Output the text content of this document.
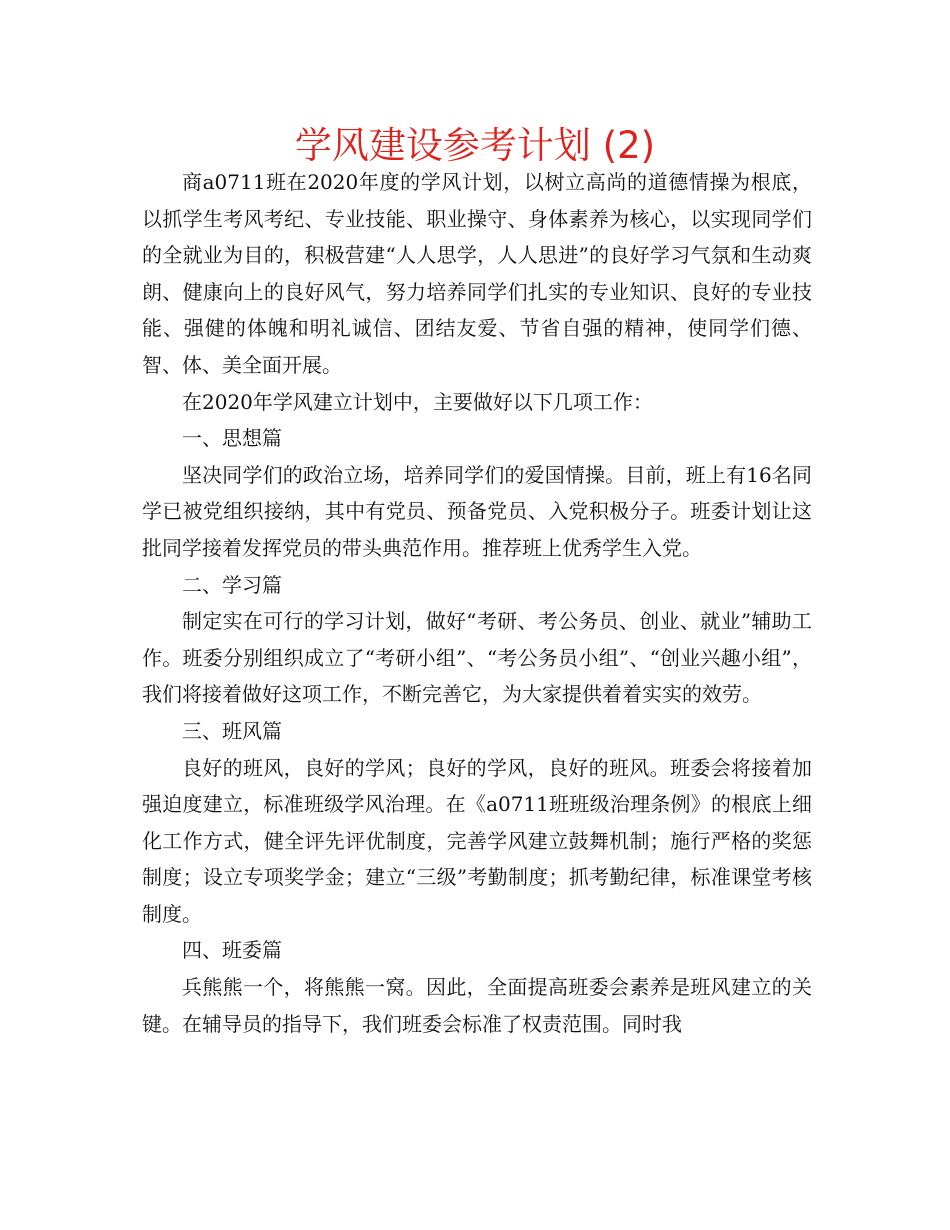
学风建设参考计划 (2)

商a0711班在2020年度的学风计划，以树立高尚的道德情操为根底，以抓学生考风考纪、专业技能、职业操守、身体素养为核心，以实现同学们的全就业为目的，积极营建“人人思学，人人思进”的良好学习气氛和生动爽朗、健康向上的良好风气，努力培养同学们扎实的专业知识、良好的专业技能、强健的体魄和明礼诚信、团结友爱、节省自强的精神，使同学们德、智、体、美全面开展。

在2020年学风建立计划中，主要做好以下几项工作：

一、思想篇

坚决同学们的政治立场，培养同学们的爱国情操。目前，班上有16名同学已被党组织接纳，其中有党员、预备党员、入党积极分子。班委计划让这批同学接着发挥党员的带头典范作用。推荐班上优秀学生入党。

二、学习篇

制定实在可行的学习计划，做好“考研、考公务员、创业、就业”辅助工作。班委分别组织成立了“考研小组”、“考公务员小组”、“创业兴趣小组”，我们将接着做好这项工作，不断完善它，为大家提供着着实实的效劳。

三、班风篇

良好的班风，良好的学风；良好的学风，良好的班风。班委会将接着加强迫度建立，标准班级学风治理。在《a0711班班级治理条例》的根底上细化工作方式，健全评先评优制度，完善学风建立鼓舞机制；施行严格的奖惩制度；设立专项奖学金；建立“三级”考勤制度；抓考勤纪律，标准课堂考核制度。

四、班委篇

兵熊熊一个，将熊熊一窝。因此，全面提高班委会素养是班风建立的关键。在辅导员的指导下，我们班委会标准了权责范围。同时我
